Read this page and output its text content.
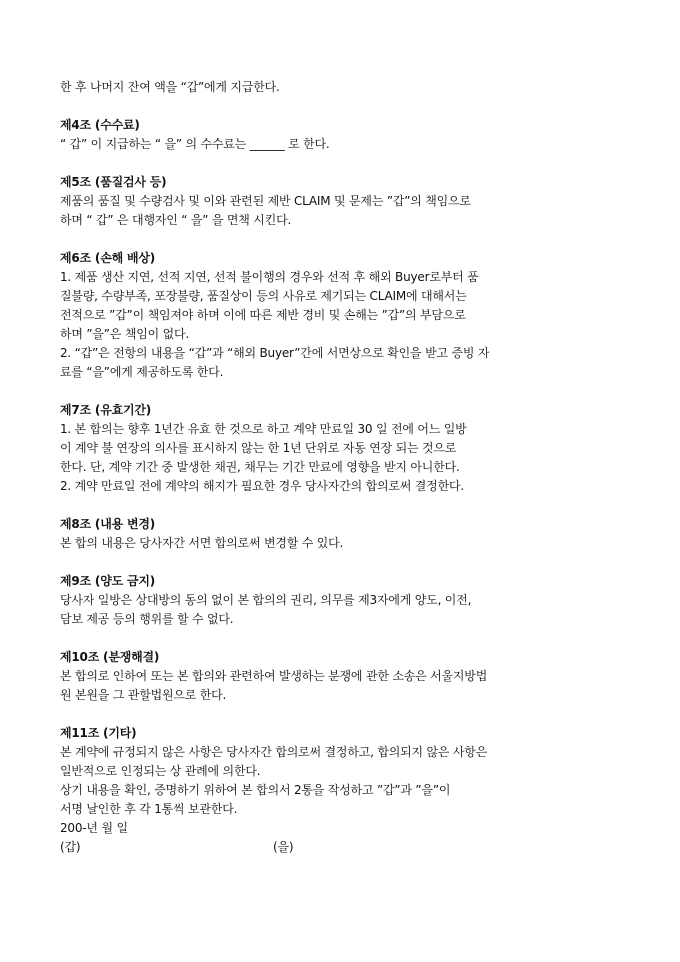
한 후 나머지 잔여 액을 “갑”에게 지급한다.
제4조 (수수료)
“ 갑” 이 지급하는 “ 을” 의 수수료는 ______ 로 한다.
제5조 (품질검사 등)
제품의 품질 및 수량검사 및 이와 관련된 제반 CLAIM 및 문제는 ”갑”의 책임으로
하며 “ 갑” 은 대행자인 “ 을” 을 면책 시킨다.
제6조 (손해 배상)
1. 제품 생산 지연, 선적 지연, 선적 불이행의 경우와 선적 후 해외 Buyer로부터 품
질불량, 수량부족, 포장불량, 품질상이 등의 사유로 제기되는 CLAIM에 대해서는
전적으로 ”갑”이 책임져야 하며 이에 따른 제반 경비 및 손해는 ”갑”의 부담으로
하며 ”을”은 책임이 없다.
2. “갑”은 전항의 내용을 “갑”과 “해외 Buyer”간에 서면상으로 확인을 받고 증빙 자
료를 “을”에게 제공하도록 한다.
제7조 (유효기간)
1. 본 합의는 향후 1년간 유효 한 것으로 하고 계약 만료일 30 일 전에 어느 일방
이 계약 불 연장의 의사를 표시하지 않는 한 1년 단위로 자동 연장 되는 것으로
한다. 단, 계약 기간 중 발생한 채권, 채무는 기간 만료에 영향을 받지 아니한다.
2. 계약 만료일 전에 계약의 해지가 필요한 경우 당사자간의 합의로써 결정한다.
제8조 (내용 변경)
본 합의 내용은 당사자간 서면 합의로써 변경할 수 있다.
제9조 (양도 금지)
당사자 일방은 상대방의 동의 없이 본 합의의 권리, 의무를 제3자에게 양도, 이전,
담보 제공 등의 행위를 할 수 없다.
제10조 (분쟁해결)
본 합의로 인하여 또는 본 합의와 관련하여 발생하는 분쟁에 관한 소송은 서울지방법
원 본원을 그 관할법원으로 한다.
제11조 (기타)
본 계약에 규정되지 않은 사항은 당사자간 합의로써 결정하고, 합의되지 않은 사항은
일반적으로 인정되는 상 관례에 의한다.
상기 내용을 확인, 증명하기 위하여 본 합의서 2통을 작성하고 ”갑”과 ”을”이
서명 날인한 후 각 1통씩 보관한다.
200-년 월 일
(갑)	(을)
